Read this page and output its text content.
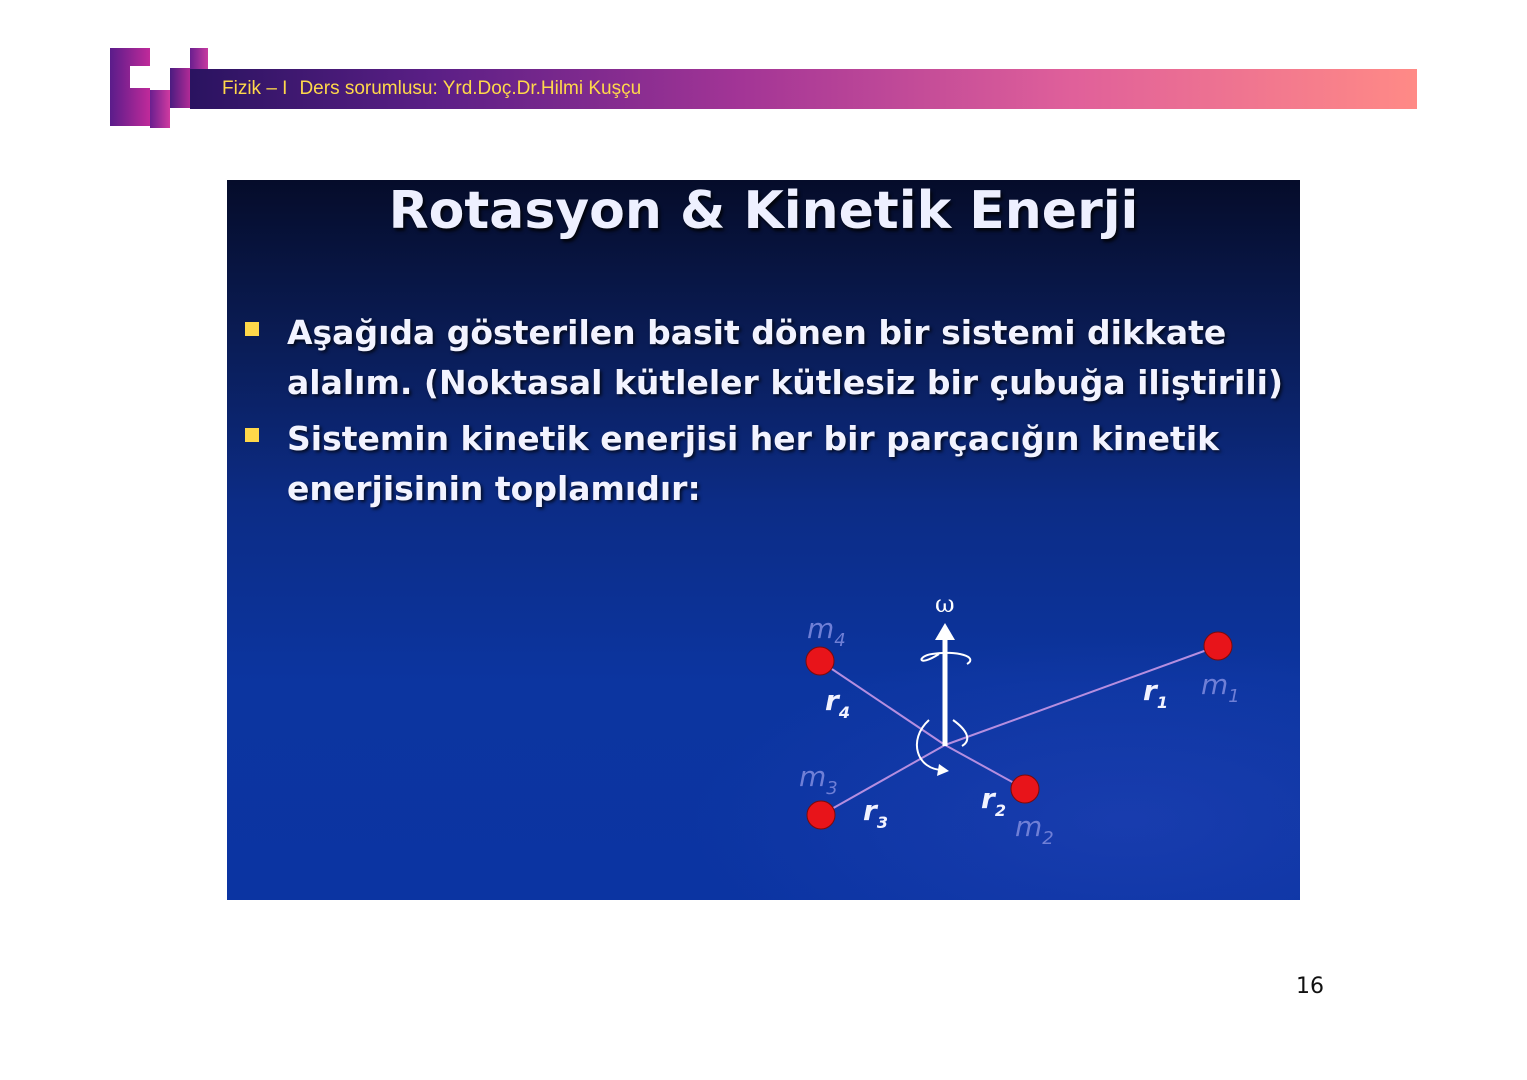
Fizik – I Ders sorumlusu: Yrd.Doç.Dr.Hilmi Kuşçu
Rotasyon & Kinetik Enerji
Aşağıda gösterilen basit dönen bir sistemi dikkate alalım. (Noktasal kütleler kütlesiz bir çubuğa iliştirili)
Sistemin kinetik enerjisi her bir parçacığın kinetik enerjisinin toplamıdır:
ω
$m_1$
$m_2$
$m_3$
$m_4$
$r_1$
$r_2$
$r_3$
$r_4$
16
